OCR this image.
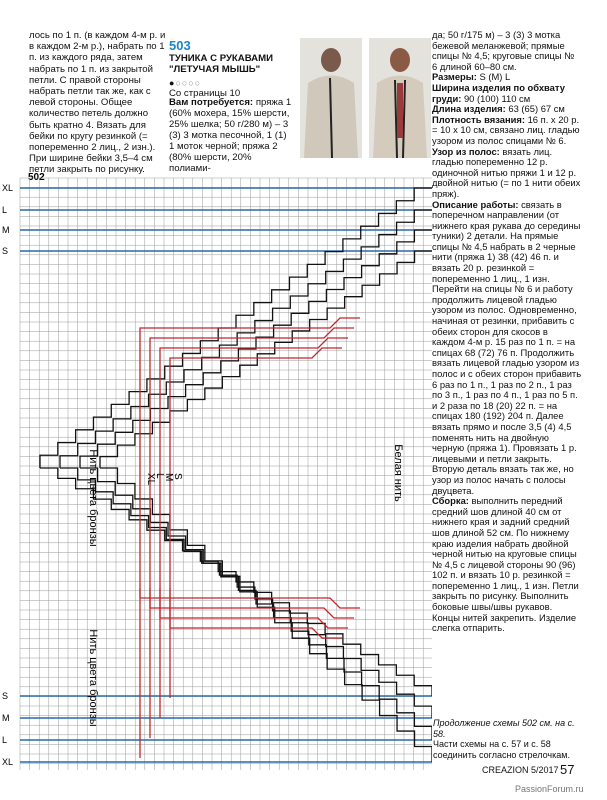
лось по 1 п. (в каждом 4-м р. и в каждом 2-м р.), набрать по 1 п. из каждого ряда, затем набрать по 1 п. из закрытой петли. С правой стороны набрать петли так же, как с левой стороны. Общее количество петель должно быть кратно 4. Вязать для бейки по кругу резинкой (= попеременно 2 лиц., 2 изн.). При ширине бейки 3,5–4 см петли закрыть по рисунку.
503
ТУНИКА С РУКАВАМИ "ЛЕТУЧАЯ МЫШЬ"
●○○○○
Со страницы 10
Вам потребуется: пряжа 1 (60% мохера, 15% шерсти, 25% шелка; 50 г/280 м) – 3 (3) 3 мотка песочной, 1 (1) 1 моток черной; пряжа 2 (80% шерсти, 20% полиами-
да; 50 г/175 м) – 3 (3) 3 мотка бежевой меланжевой; прямые спицы № 4,5; круговые спицы № 6 длиной 60–80 см.
Размеры: S (M) L
Ширина изделия по обхвату груди: 90 (100) 110 см
Длина изделия: 63 (65) 67 см
Плотность вязания: 16 п. x 20 р. = 10 x 10 см, связано лиц. гладью узором из полос спицами № 6.
Узор из полос: вязать лиц. гладью попеременно 12 р. одиночной нитью пряжи 1 и 12 р. двойной нитью (= по 1 нити обеих пряж).
Описание работы: связать в поперечном направлении (от нижнего края рукава до середины туники) 2 детали. На прямые спицы № 4,5 набрать в 2 черные нити (пряжа 1) 38 (42) 46 п. и вязать 20 р. резинкой = попеременно 1 лиц., 1 изн. Перейти на спицы № 6 и работу продолжить лицевой гладью узором из полос. Одновременно, начиная от резинки, прибавить с обеих сторон для скосов в каждом 4-м р. 15 раз по 1 п. = на спицах 68 (72) 76 п. Продолжить вязать лицевой гладью узором из полос и с обеих сторон прибавить 6 раз по 1 п., 1 раз по 2 п., 1 раз по 3 п., 1 раз по 4 п., 1 раз по 5 п. и 2 раза по 18 (20) 22 п. = на спицах 180 (192) 204 п. Далее вязать прямо и после 3,5 (4) 4,5 поменять нить на двойную черную (пряжа 1). Провязать 1 р. лицевыми и петли закрыть. Вторую деталь вязать так же, но узор из полос начать с полосы двуцвета.
Сборка: выполнить передний средний шов длиной 40 см от нижнего края и задний средний шов длиной 52 см. По нижнему краю изделия набрать двойной черной нитью на круговые спицы № 4,5 с лицевой стороны 90 (96) 102 п. и вязать 10 р. резинкой = попеременно 1 лиц., 1 изн. Петли закрыть по рисунку. Выполнить боковые швы/швы рукавов. Концы нитей закрепить. Изделие слегка отпарить.
502
XL
L
M
S
S
M
L
XL
Нить цвета бронзы
Нить цвета бронзы
Белая нить
S
M
L
XL
Продолжение схемы 502 см. на с. 58.
Части схемы на с. 57 и с. 58 соединить согласно стрелочкам.
CREAZION 5/2017 57
PassionForum.ru
